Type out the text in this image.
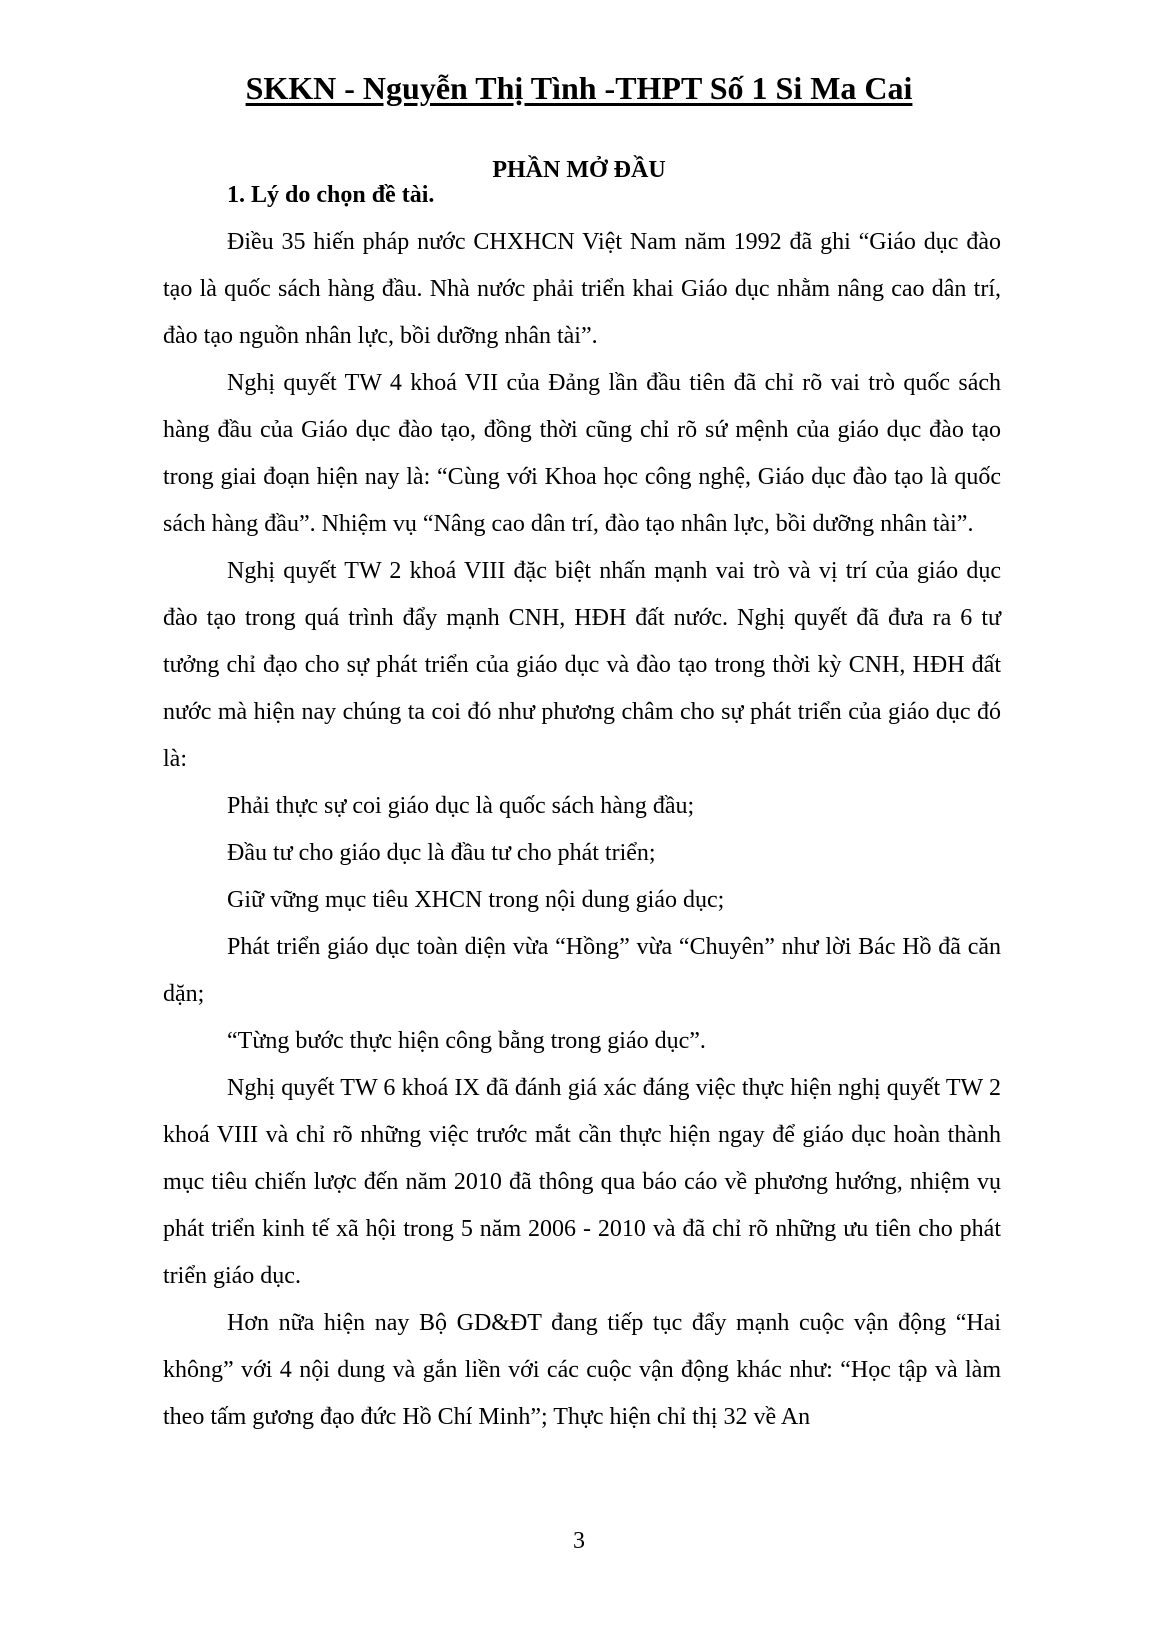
SKKN - Nguyễn Thị Tình -THPT Số 1 Si Ma Cai
PHẦN MỞ ĐẦU

1. Lý do chọn đề tài.

Điều 35 hiến pháp nước CHXHCN Việt Nam năm 1992 đã ghi “Giáo dục đào tạo là quốc sách hàng đầu. Nhà nước phải triển khai Giáo dục nhằm nâng cao dân trí, đào tạo nguồn nhân lực, bồi dưỡng nhân tài”.

Nghị quyết TW 4 khoá VII của Đảng lần đầu tiên đã chỉ rõ vai trò quốc sách hàng đầu của Giáo dục đào tạo, đồng thời cũng chỉ rõ sứ mệnh của giáo dục đào tạo trong giai đoạn hiện nay là: “Cùng với Khoa học công nghệ, Giáo dục đào tạo là quốc sách hàng đầu”. Nhiệm vụ “Nâng cao dân trí, đào tạo nhân lực, bồi dưỡng nhân tài”.

Nghị quyết TW 2 khoá VIII đặc biệt nhấn mạnh vai trò và vị trí của giáo dục đào tạo trong quá trình đẩy mạnh CNH, HĐH đất nước. Nghị quyết đã đưa ra 6 tư tưởng chỉ đạo cho sự phát triển của giáo dục và đào tạo trong thời kỳ CNH, HĐH đất nước mà hiện nay chúng ta coi đó như phương châm cho sự phát triển của giáo dục đó là:

Phải thực sự coi giáo dục là quốc sách hàng đầu;

Đầu tư cho giáo dục là đầu tư cho phát triển;

Giữ vững mục tiêu XHCN trong nội dung giáo dục;

Phát triển giáo dục toàn diện vừa “Hồng” vừa “Chuyên” như lời Bác Hồ đã căn dặn;

“Từng bước thực hiện công bằng trong giáo dục”.

Nghị quyết TW 6 khoá IX đã đánh giá xác đáng việc thực hiện nghị quyết TW 2 khoá VIII và chỉ rõ những việc trước mắt cần thực hiện ngay để giáo dục hoàn thành mục tiêu chiến lược đến năm 2010 đã thông qua báo cáo về phương hướng, nhiệm vụ phát triển kinh tế xã hội trong 5 năm 2006 - 2010 và đã chỉ rõ những ưu tiên cho phát triển giáo dục.

Hơn nữa hiện nay Bộ GD&ĐT đang tiếp tục đẩy mạnh cuộc vận động “Hai không” với 4 nội dung và gắn liền với các cuộc vận động khác như: “Học tập và làm theo tấm gương đạo đức Hồ Chí Minh”; Thực hiện chỉ thị 32 về An

3
